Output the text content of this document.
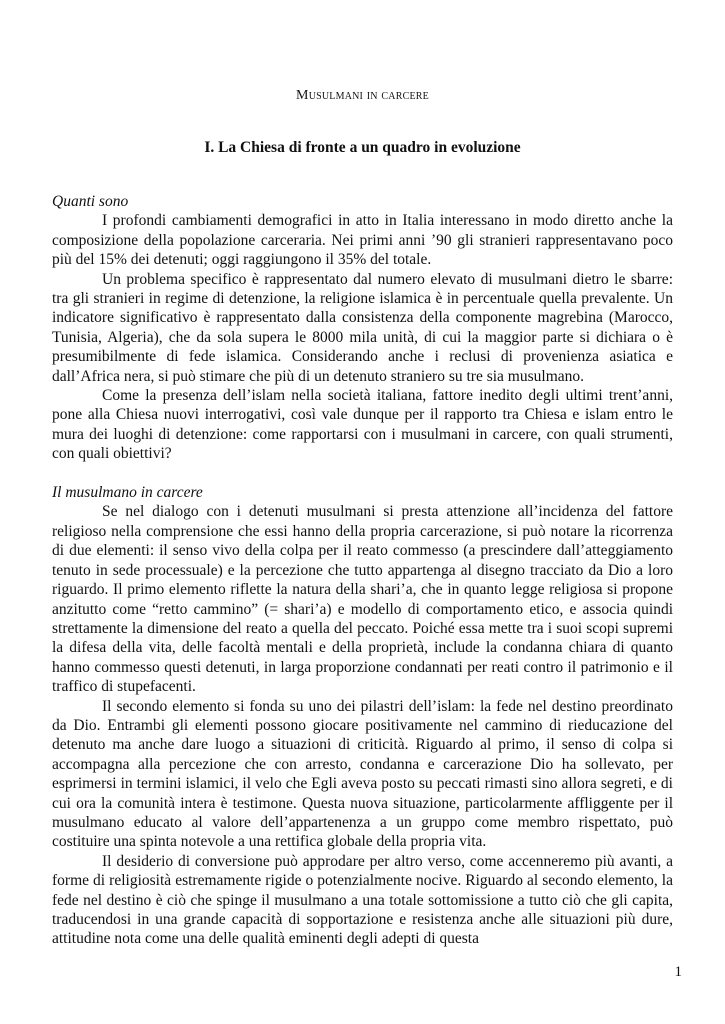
Musulmani in carcere
I. La Chiesa di fronte a un quadro in evoluzione

Quanti sono

I profondi cambiamenti demografici in atto in Italia interessano in modo diretto anche la composizione della popolazione carceraria. Nei primi anni ’90 gli stranieri rappresentavano poco più del 15% dei detenuti; oggi raggiungono il 35% del totale.

Un problema specifico è rappresentato dal numero elevato di musulmani dietro le sbarre: tra gli stranieri in regime di detenzione, la religione islamica è in percentuale quella prevalente. Un indicatore significativo è rappresentato dalla consistenza della componente magrebina (Marocco, Tunisia, Algeria), che da sola supera le 8000 mila unità, di cui la maggior parte si dichiara o è presumibilmente di fede islamica. Considerando anche i reclusi di provenienza asiatica e dall’Africa nera, si può stimare che più di un detenuto straniero su tre sia musulmano.

Come la presenza dell’islam nella società italiana, fattore inedito degli ultimi trent’anni, pone alla Chiesa nuovi interrogativi, così vale dunque per il rapporto tra Chiesa e islam entro le mura dei luoghi di detenzione: come rapportarsi con i musulmani in carcere, con quali strumenti, con quali obiettivi?

Il musulmano in carcere

Se nel dialogo con i detenuti musulmani si presta attenzione all’incidenza del fattore religioso nella comprensione che essi hanno della propria carcerazione, si può notare la ricorrenza di due elementi: il senso vivo della colpa per il reato commesso (a prescindere dall’atteggiamento tenuto in sede processuale) e la percezione che tutto appartenga al disegno tracciato da Dio a loro riguardo. Il primo elemento riflette la natura della shari’a, che in quanto legge religiosa si propone anzitutto come “retto cammino” (= shari’a) e modello di comportamento etico, e associa quindi strettamente la dimensione del reato a quella del peccato. Poiché essa mette tra i suoi scopi supremi la difesa della vita, delle facoltà mentali e della proprietà, include la condanna chiara di quanto hanno commesso questi detenuti, in larga proporzione condannati per reati contro il patrimonio e il traffico di stupefacenti.

Il secondo elemento si fonda su uno dei pilastri dell’islam: la fede nel destino preordinato da Dio. Entrambi gli elementi possono giocare positivamente nel cammino di rieducazione del detenuto ma anche dare luogo a situazioni di criticità. Riguardo al primo, il senso di colpa si accompagna alla percezione che con arresto, condanna e carcerazione Dio ha sollevato, per esprimersi in termini islamici, il velo che Egli aveva posto su peccati rimasti sino allora segreti, e di cui ora la comunità intera è testimone. Questa nuova situazione, particolarmente affliggente per il musulmano educato al valore dell’appartenenza a un gruppo come membro rispettato, può costituire una spinta notevole a una rettifica globale della propria vita.

Il desiderio di conversione può approdare per altro verso, come accenneremo più avanti, a forme di religiosità estremamente rigide o potenzialmente nocive. Riguardo al secondo elemento, la fede nel destino è ciò che spinge il musulmano a una totale sottomissione a tutto ciò che gli capita, traducendosi in una grande capacità di sopportazione e resistenza anche alle situazioni più dure, attitudine nota come una delle qualità eminenti degli adepti di questa

1
